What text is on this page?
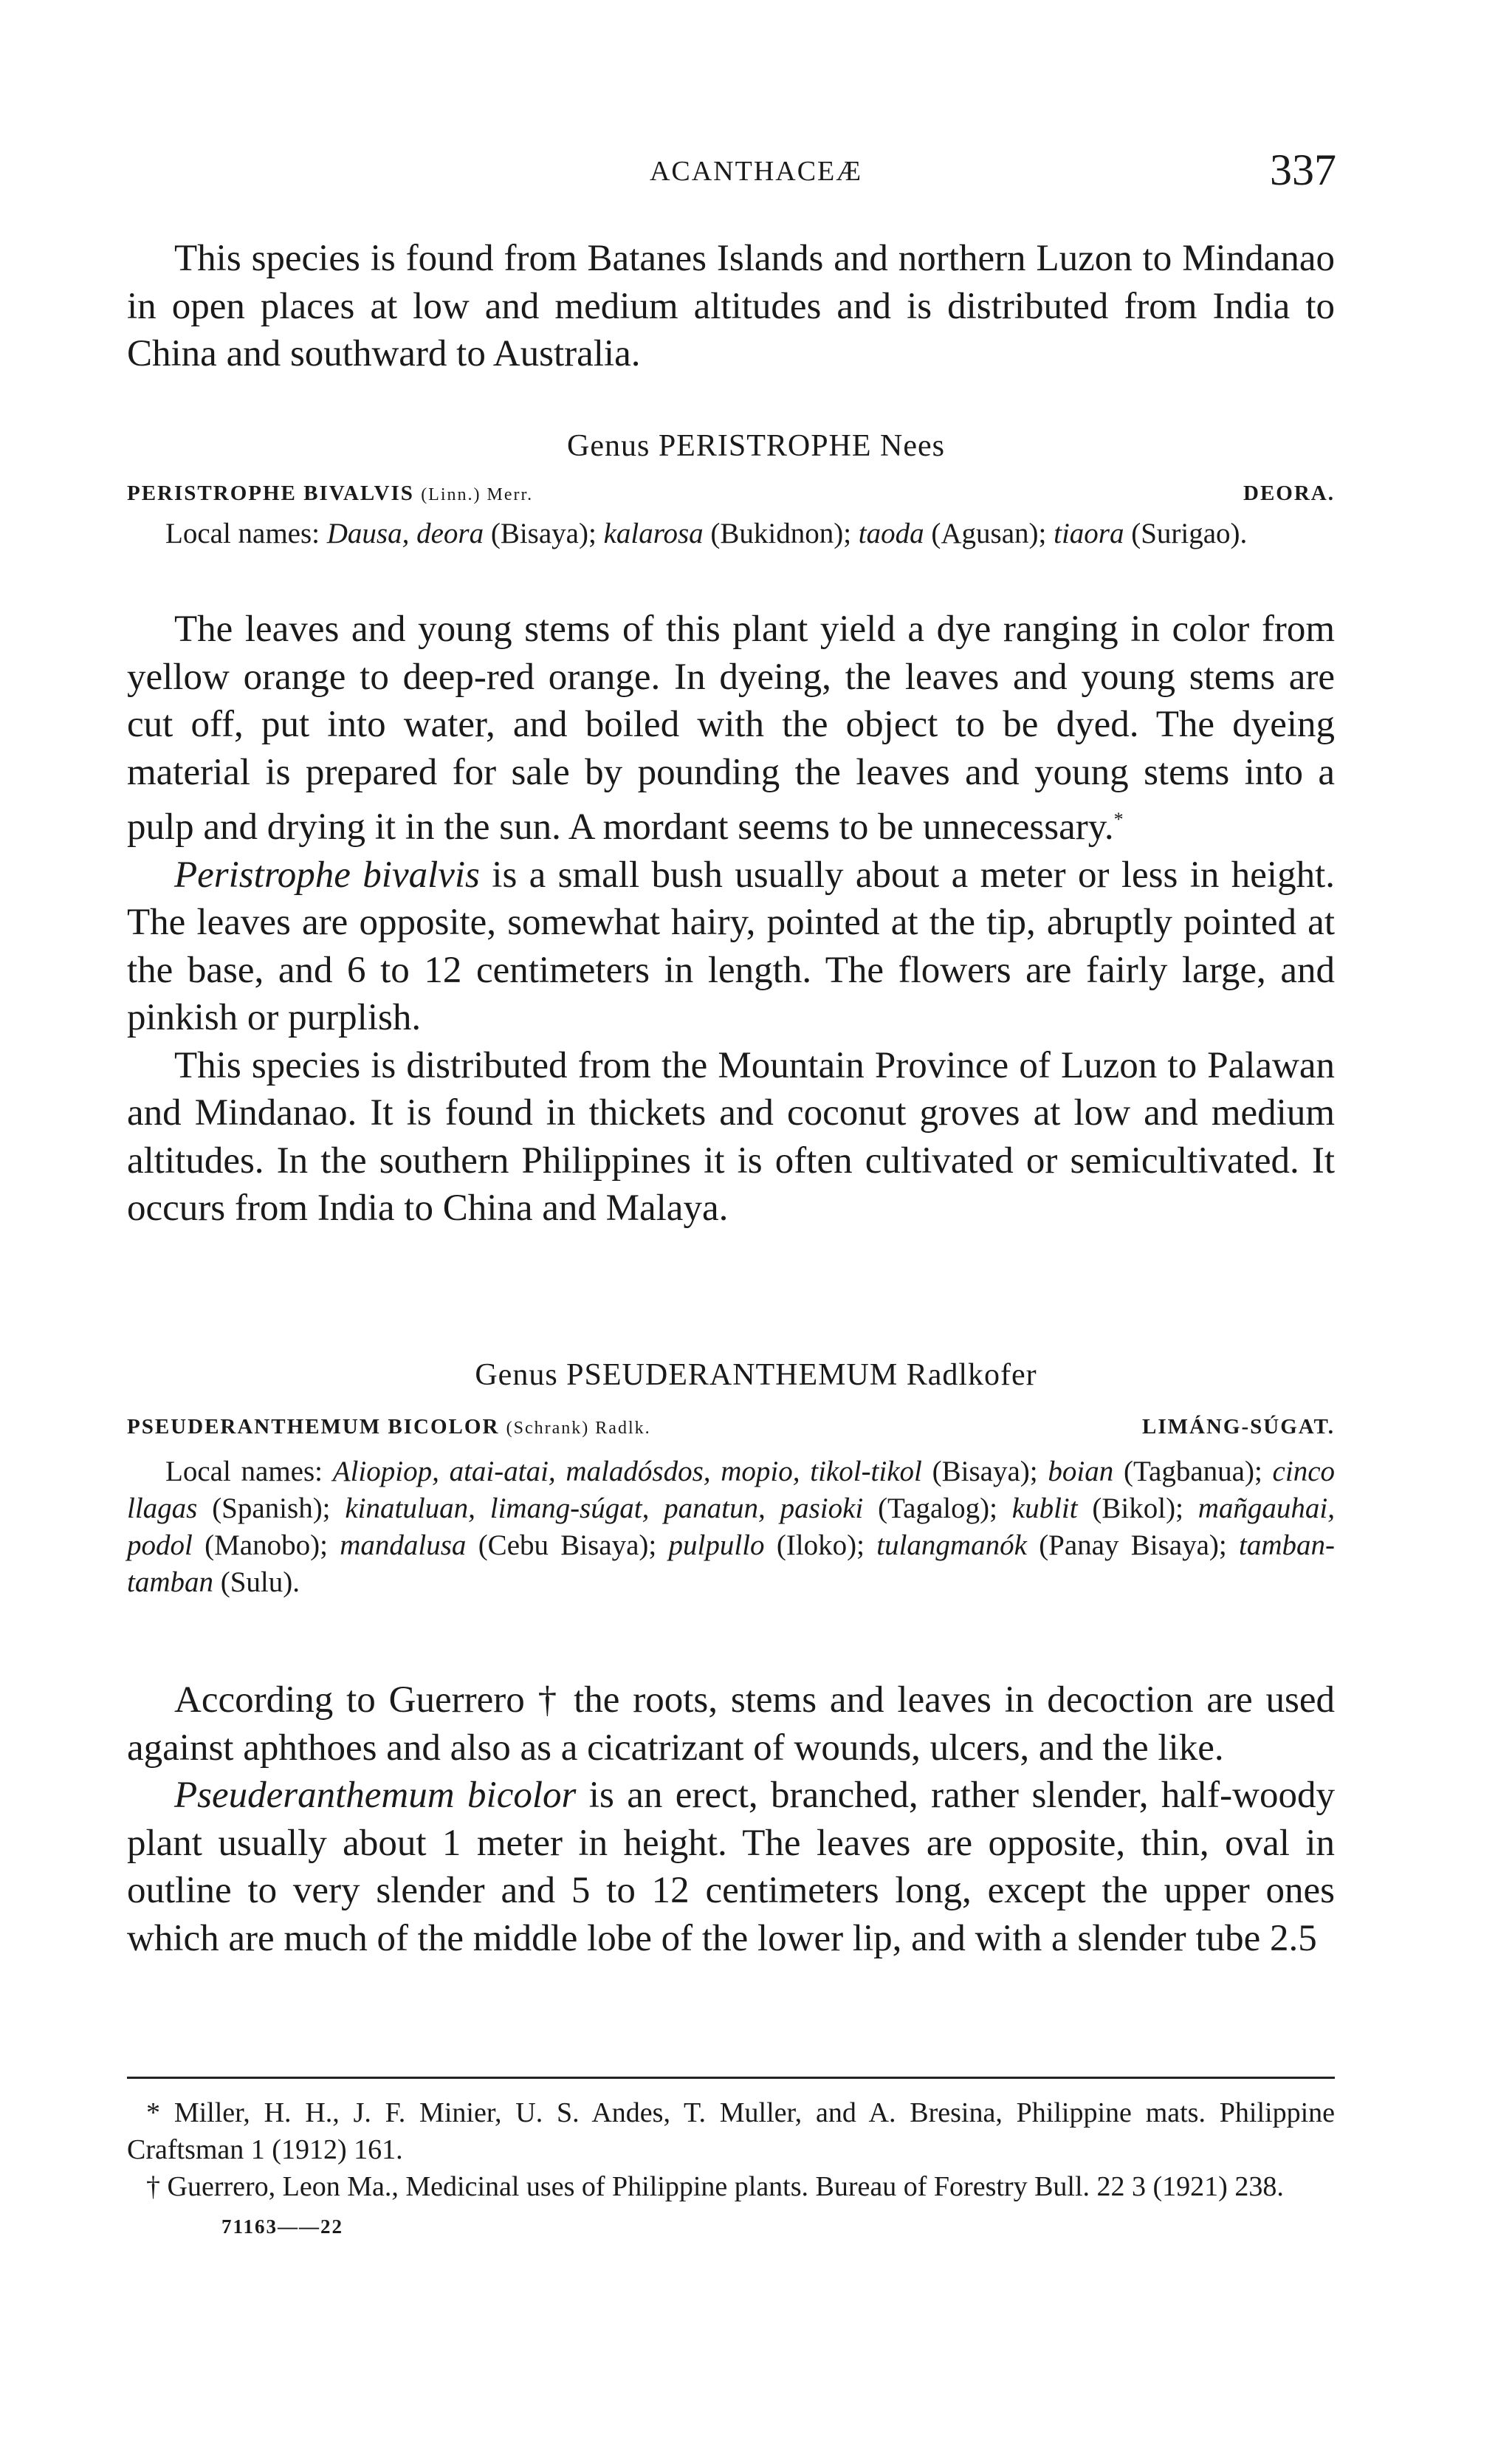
ACANTHACEÆ	337

This species is found from Batanes Islands and northern Luzon to Mindanao in open places at low and medium altitudes and is distributed from India to China and southward to Australia.

Genus PERISTROPHE Nees
PERISTROPHE BIVALVIS (Linn.) Merr.	DEORA.

Local names: Dausa, deora (Bisaya); kalarosa (Bukidnon); taoda (Agusan); tiaora (Surigao).

The leaves and young stems of this plant yield a dye ranging in color from yellow orange to deep-red orange. In dyeing, the leaves and young stems are cut off, put into water, and boiled with the object to be dyed. The dyeing material is prepared for sale by pounding the leaves and young stems into a pulp and drying it in the sun. A mordant seems to be unnecessary.*

Peristrophe bivalvis is a small bush usually about a meter or less in height. The leaves are opposite, somewhat hairy, pointed at the tip, abruptly pointed at the base, and 6 to 12 centimeters in length. The flowers are fairly large, and pinkish or purplish.

This species is distributed from the Mountain Province of Luzon to Palawan and Mindanao. It is found in thickets and coconut groves at low and medium altitudes. In the southern Philippines it is often cultivated or semicultivated. It occurs from India to China and Malaya.

Genus PSEUDERANTHEMUM Radlkofer
PSEUDERANTHEMUM BICOLOR (Schrank) Radlk.	LIMÁNG-SÚGAT.

Local names: Aliopiop, atai-atai, maladósdos, mopio, tikol-tikol (Bisaya); boian (Tagbanua); cinco llagas (Spanish); kinatuluan, limang-súgat, panatun, pasioki (Tagalog); kublit (Bikol); mañgauhai, podol (Manobo); mandalusa (Cebu Bisaya); pulpullo (Iloko); tulangmanók (Panay Bisaya); tamban-tamban (Sulu).

According to Guerrero † the roots, stems and leaves in decoction are used against aphthoes and also as a cicatrizant of wounds, ulcers, and the like.

Pseuderanthemum bicolor is an erect, branched, rather slender, half-woody plant usually about 1 meter in height. The leaves are opposite, thin, oval in outline to very slender and 5 to 12 centimeters long, except the upper ones which are much of the middle lobe of the lower lip, and with a slender tube 2.5

* Miller, H. H., J. F. Minier, U. S. Andes, T. Muller, and A. Bresina, Philippine mats. Philippine Craftsman 1 (1912) 161.

† Guerrero, Leon Ma., Medicinal uses of Philippine plants. Bureau of Forestry Bull. 22 3 (1921) 238.

71163——22
